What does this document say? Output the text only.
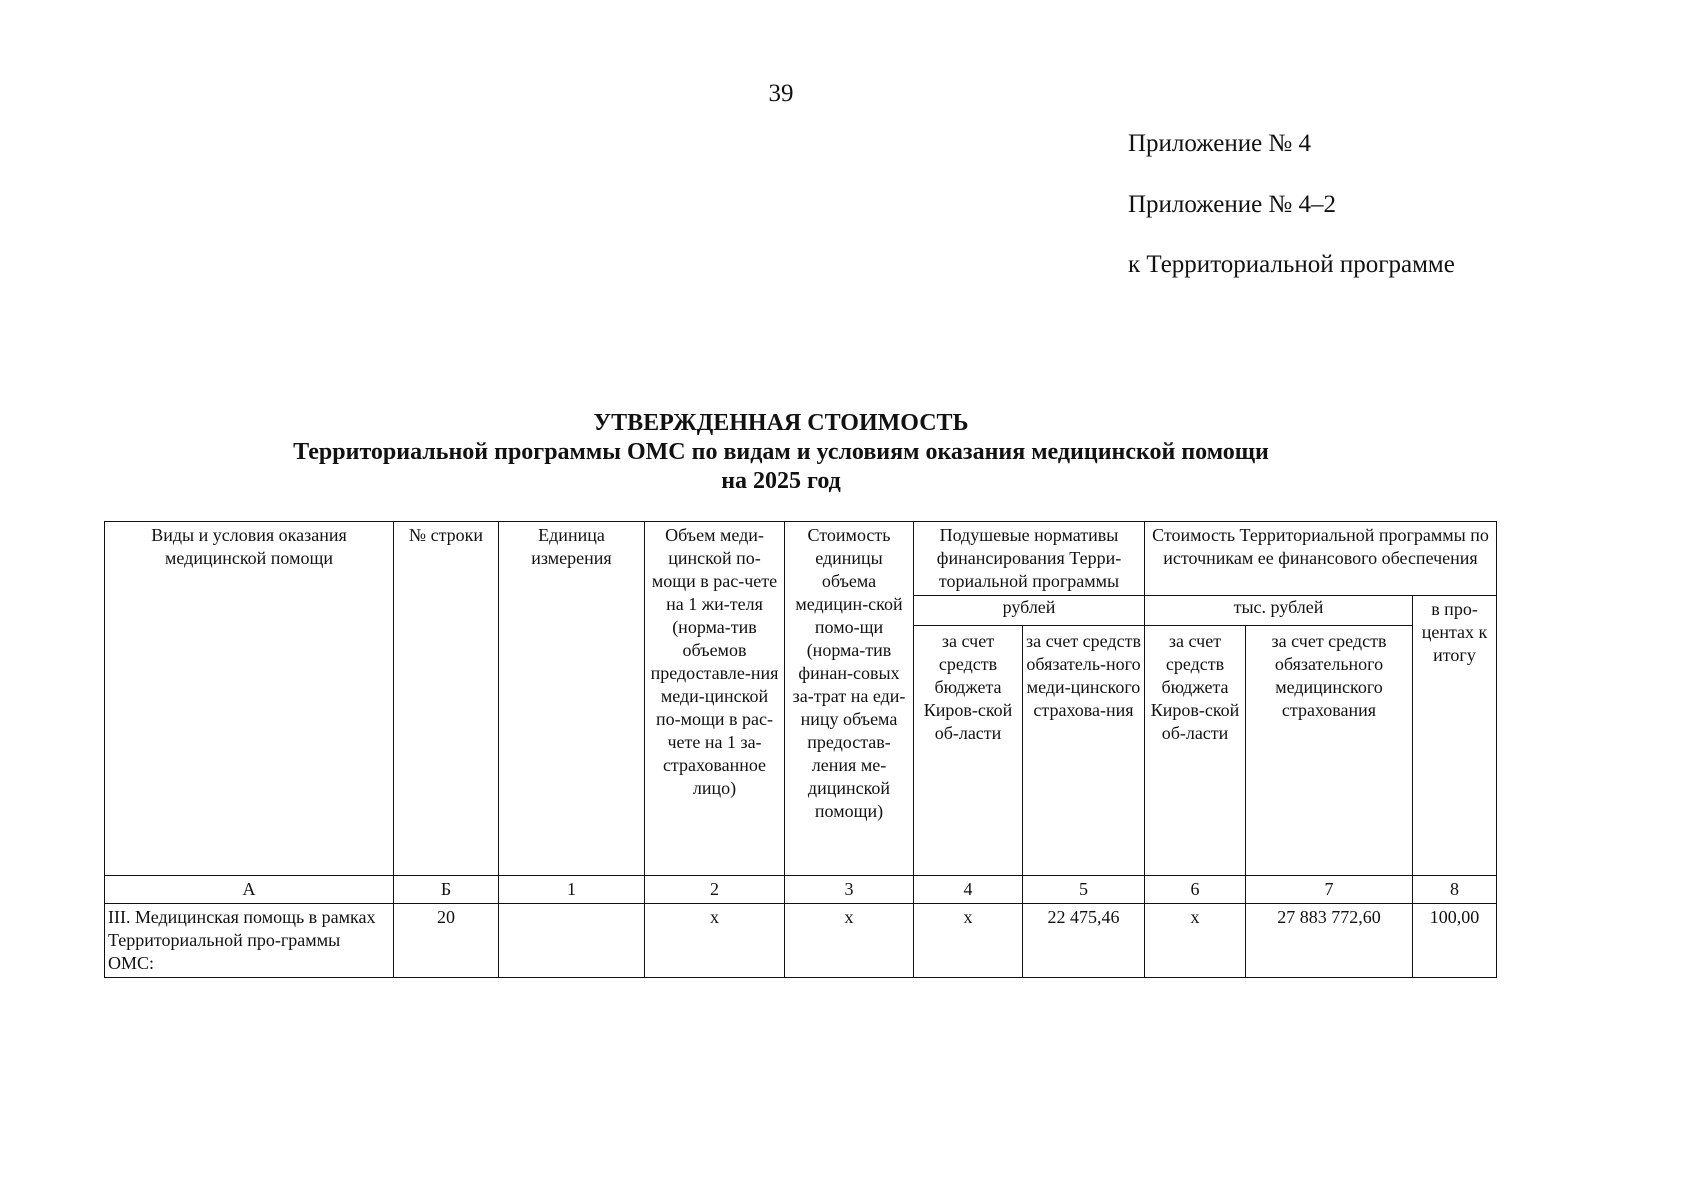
39
Приложение № 4
Приложение № 4–2
к Территориальной программе
УТВЕРЖДЕННАЯ СТОИМОСТЬ
Территориальной программы ОМС по видам и условиям оказания медицинской помощи
на 2025 год
Виды и условия оказания медицинской помощи	№ строки	Единица измерения	Объем меди-цинской по-мощи в рас-чете на 1 жи-теля (норма-тив объемов предоставле-ния меди-цинской по-мощи в рас-чете на 1 за-страхованное лицо)	Стоимость единицы объема медицин-ской помо-щи (норма-тив финан-совых за-трат на еди-ницу объема предостав-ления ме-дицинской помощи)	Подушевые нормативы финансирования Терри-ториальной программы		Стоимость Территориальной программы по источникам ее финансового обеспечения		
					рублей		тыс. рублей		в про-центах к итогу
					за счет средств бюджета Киров-ской об-ласти	за счет средств обязатель-ного меди-цинского страхова-ния	за счет средств бюджета Киров-ской об-ласти	за счет средств обязательного медицинского страхования	
А	Б	1	2	3	4	5	6	7	8
III. Медицинская помощь в рамках Территориальной про-граммы ОМС:	20		х	х	х	22 475,46	х	27 883 772,60	100,00
